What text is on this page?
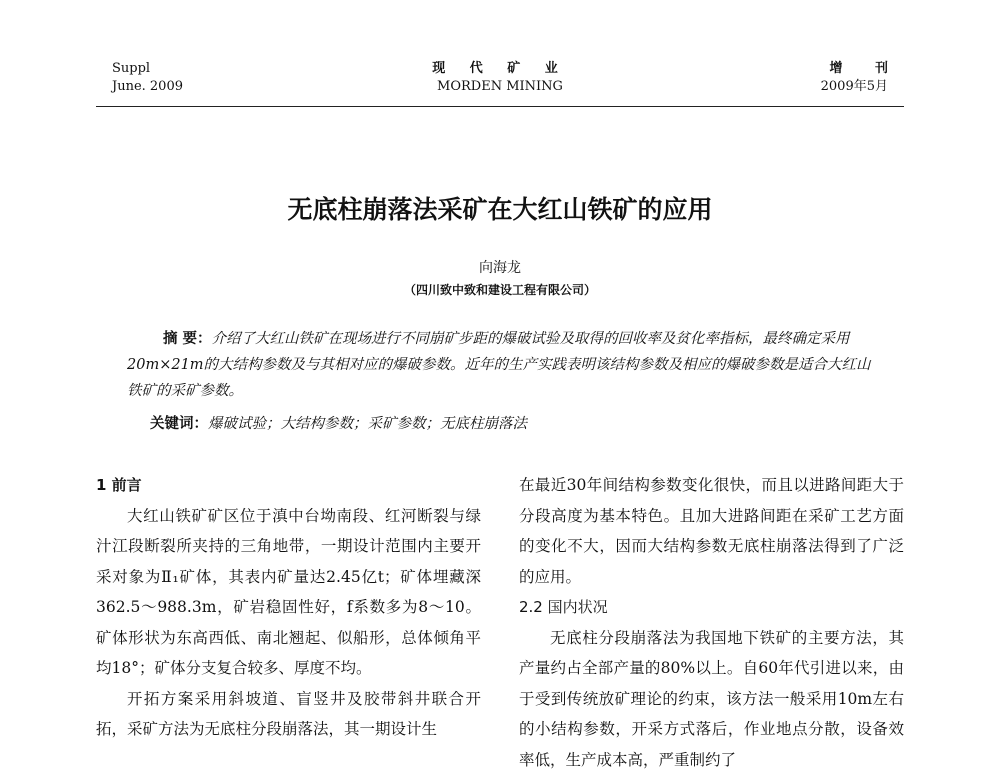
Suppl
June. 2009
现 代 矿 业
MORDEN MINING
增 刊
2009年5月
无底柱崩落法采矿在大红山铁矿的应用
向海龙
（四川致中致和建设工程有限公司）
摘 要：介绍了大红山铁矿在现场进行不同崩矿步距的爆破试验及取得的回收率及贫化率指标，最终确定采用20m×21m的大结构参数及与其相对应的爆破参数。近年的生产实践表明该结构参数及相应的爆破参数是适合大红山铁矿的采矿参数。
关键词：爆破试验；大结构参数；采矿参数；无底柱崩落法
1 前言

大红山铁矿矿区位于滇中台坳南段、红河断裂与绿汁江段断裂所夹持的三角地带，一期设计范围内主要开采对象为Ⅱ₁矿体，其表内矿量达2.45亿t；矿体埋藏深362.5～988.3m，矿岩稳固性好，f系数多为8～10。矿体形状为东高西低、南北翘起、似船形，总体倾角平均18°；矿体分支复合较多、厚度不均。

开拓方案采用斜坡道、盲竖井及胶带斜井联合开拓，采矿方法为无底柱分段崩落法，其一期设计生

在最近30年间结构参数变化很快，而且以进路间距大于分段高度为基本特色。且加大进路间距在采矿工艺方面的变化不大，因而大结构参数无底柱崩落法得到了广泛的应用。

2.2 国内状况

无底柱分段崩落法为我国地下铁矿的主要方法，其产量约占全部产量的80%以上。自60年代引进以来，由于受到传统放矿理论的约束，该方法一般采用10m左右的小结构参数，开采方式落后，作业地点分散，设备效率低，生产成本高，严重制约了
